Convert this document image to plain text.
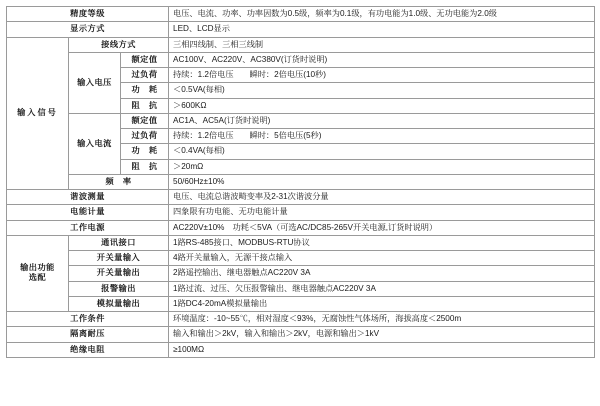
精度等级			电压、电流、功率、功率因数为0.5级，频率为0.1级，有功电能为1.0级、无功电能为2.0级
显示方式			LED、LCD显示
输入信号	接线方式		三相四线制、三相三线制
	输入电压	额定值	AC100V、AC220V、AC380V(订货时说明)
		过负荷	持续：1.2倍电压 瞬时：2倍电压(10秒)
		功　耗	＜0.5VA(每相)
		阻　抗	＞600KΩ
	输入电流	额定值	AC1A、AC5A(订货时说明)
		过负荷	持续：1.2倍电压 瞬时：5倍电压(5秒)
		功　耗	＜0.4VA(每相)
		阻　抗	＞20mΩ
	频　率		50/60Hz±10%
谐波测量			电压、电流总谐波畸变率及2-31次谐波分量
电能计量			四象限有功电能、无功电能计量
工作电源			AC220V±10%　功耗＜5VA（可选AC/DC85-265V开关电源,订货时说明）

输出功能
选配	通讯接口		1路RS-485接口、MODBUS-RTU协议
	开关量输入		4路开关量输入，无源干接点输入
	开关量输出		2路遥控输出、继电器触点AC220V 3A
	报警输出		1路过流、过压、欠压报警输出、继电器触点AC220V 3A
	模拟量输出		1路DC4-20mA模拟量输出
工作条件			环境温度：-10~55℃，相对湿度＜93%，无腐蚀性气体场所，海拔高度＜2500m
隔离耐压			输入和输出＞2kV，输入和输出＞2kV，电源和输出＞1kV
绝缘电阻			≥100MΩ
